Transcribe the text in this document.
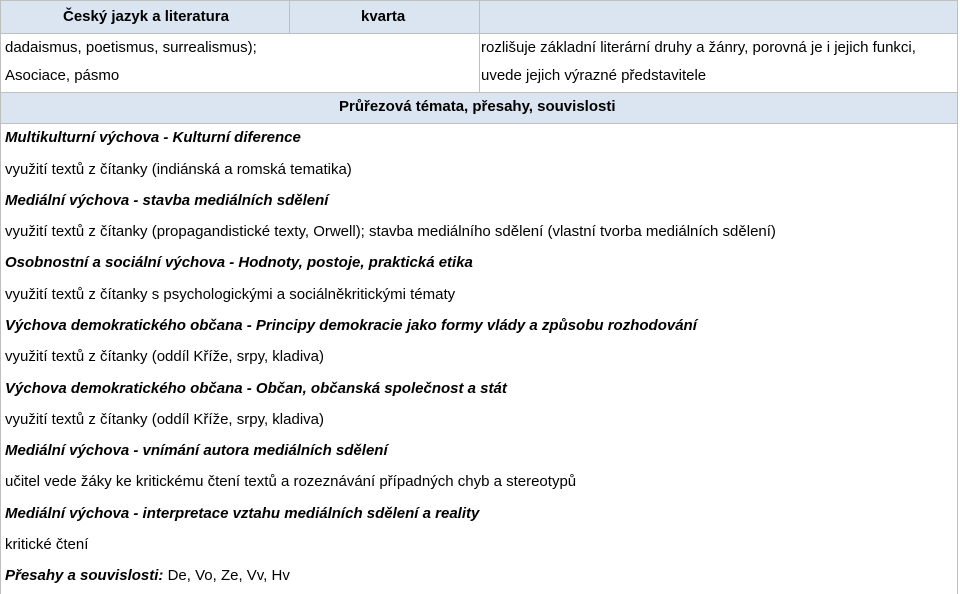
Český jazyk a literatura	kvarta
dadaismus, poetismus, surrealismus);
Asociace, pásmo
rozlišuje základní literární druhy a žánry, porovná je i jejich funkci,
uvede jejich výrazné představitele
Průřezová témata, přesahy, souvislosti
Multikulturní výchova - Kulturní diference
využití textů z čítanky (indiánská a romská tematika)
Mediální výchova - stavba mediálních sdělení
využití textů z čítanky (propagandistické texty, Orwell); stavba mediálního sdělení (vlastní tvorba mediálních sdělení)
Osobnostní a sociální výchova - Hodnoty, postoje, praktická etika
využití textů z čítanky s psychologickými a sociálněkritickými tématy
Výchova demokratického občana - Principy demokracie jako formy vlády a způsobu rozhodování
využití textů z čítanky (oddíl Kříže, srpy, kladiva)
Výchova demokratického občana - Občan, občanská společnost a stát
využití textů z čítanky (oddíl Kříže, srpy, kladiva)
Mediální výchova - vnímání autora mediálních sdělení
učitel vede žáky ke kritickému čtení textů a rozeznávání případných chyb a stereotypů
Mediální výchova - interpretace vztahu mediálních sdělení a reality
kritické čtení
Přesahy a souvislosti: De, Vo, Ze, Vv, Hv
